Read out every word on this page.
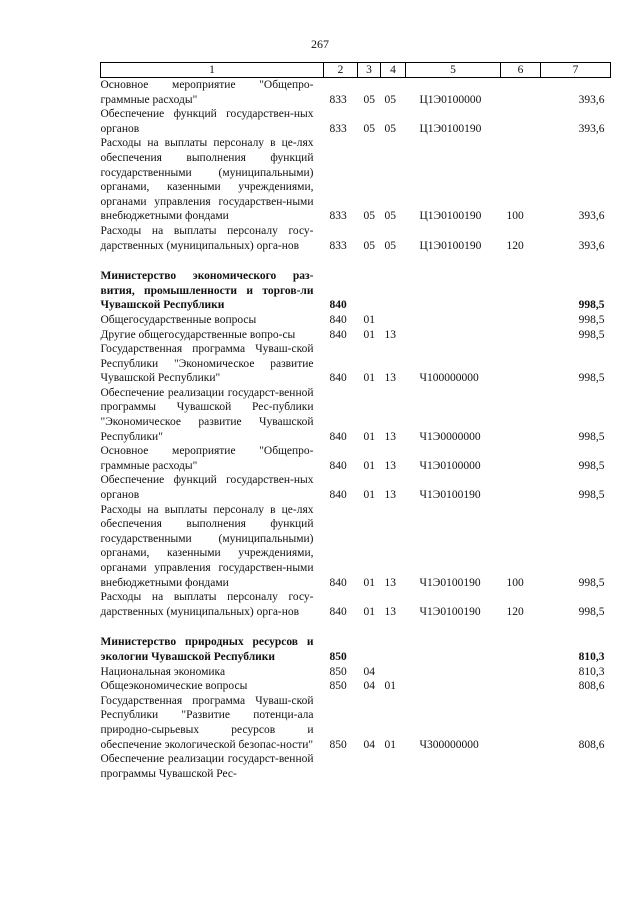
267
1	2	3	4	5	6	7
Основное мероприятие "Общепро-граммные расходы"	833	05	05	Ц1Э0100000		393,6
Обеспечение функций государствен-ных органов	833	05	05	Ц1Э0100190		393,6
Расходы на выплаты персоналу в це-лях обеспечения выполнения функций государственными (муниципальными) органами, казенными учреждениями, органами управления государствен-ными внебюджетными фондами	833	05	05	Ц1Э0100190	100	393,6
Расходы на выплаты персоналу госу-дарственных (муниципальных) орга-нов	833	05	05	Ц1Э0100190	120	393,6

Министерство экономического раз-вития, промышленности и торгов-ли Чувашской Республики	840					998,5
Общегосударственные вопросы	840	01				998,5
Другие общегосударственные вопро-сы	840	01	13			998,5
Государственная программа Чуваш-ской Республики "Экономическое развитие Чувашской Республики"	840	01	13	Ч100000000		998,5
Обеспечение реализации государст-венной программы Чувашской Рес-публики "Экономическое развитие Чувашской Республики"	840	01	13	Ч1Э0000000		998,5
Основное мероприятие "Общепро-граммные расходы"	840	01	13	Ч1Э0100000		998,5
Обеспечение функций государствен-ных органов	840	01	13	Ч1Э0100190		998,5
Расходы на выплаты персоналу в це-лях обеспечения выполнения функций государственными (муниципальными) органами, казенными учреждениями, органами управления государствен-ными внебюджетными фондами	840	01	13	Ч1Э0100190	100	998,5
Расходы на выплаты персоналу госу-дарственных (муниципальных) орга-нов	840	01	13	Ч1Э0100190	120	998,5

Министерство природных ресурсов и экологии Чувашской Республики	850					810,3
Национальная экономика	850	04				810,3
Общеэкономические вопросы	850	04	01			808,6
Государственная программа Чуваш-ской Республики "Развитие потенци-ала природно-сырьевых ресурсов и обеспечение экологической безопас-ности"	850	04	01	Ч300000000		808,6
Обеспечение реализации государст-венной программы Чувашской Рес-						
